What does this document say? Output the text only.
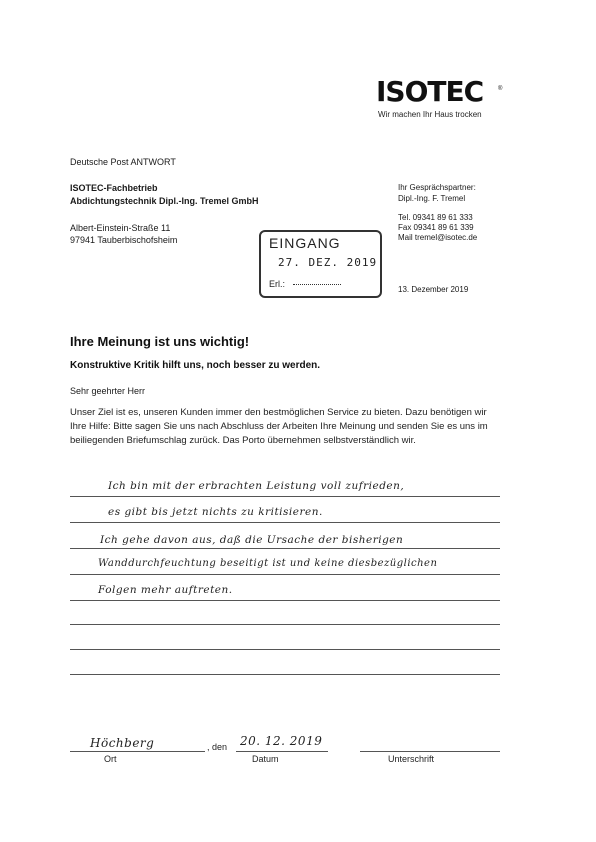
ISOTEC ®
Wir machen Ihr Haus trocken
Deutsche Post ANTWORT
ISOTEC-Fachbetrieb
Abdichtungstechnik Dipl.-Ing. Tremel GmbH
Albert-Einstein-Straße 11
97941 Tauberbischofsheim
Ihr Gesprächspartner:
Dipl.-Ing. F. Tremel
Tel. 09341 89 61 333
Fax 09341 89 61 339
Mail tremel@isotec.de
13. Dezember 2019
EINGANG
27. DEZ. 2019
Erl.:
Ihre Meinung ist uns wichtig!
Konstruktive Kritik hilft uns, noch besser zu werden.
Sehr geehrter Herr
Unser Ziel ist es, unseren Kunden immer den bestmöglichen Service zu bieten. Dazu benötigen wir Ihre Hilfe: Bitte sagen Sie uns nach Abschluss der Arbeiten Ihre Meinung und senden Sie es uns im beiliegenden Briefumschlag zurück. Das Porto übernehmen selbstverständlich wir.
Ich bin mit der erbrachten Leistung voll zufrieden,
es gibt bis jetzt nichts zu kritisieren.
Ich gehe davon aus, daß die Ursache der bisherigen
Wanddurchfeuchtung beseitigt ist und keine diesbezüglichen
Folgen mehr auftreten.
Höchberg	, den 20. 12. 2019
Ort	Datum	Unterschrift
